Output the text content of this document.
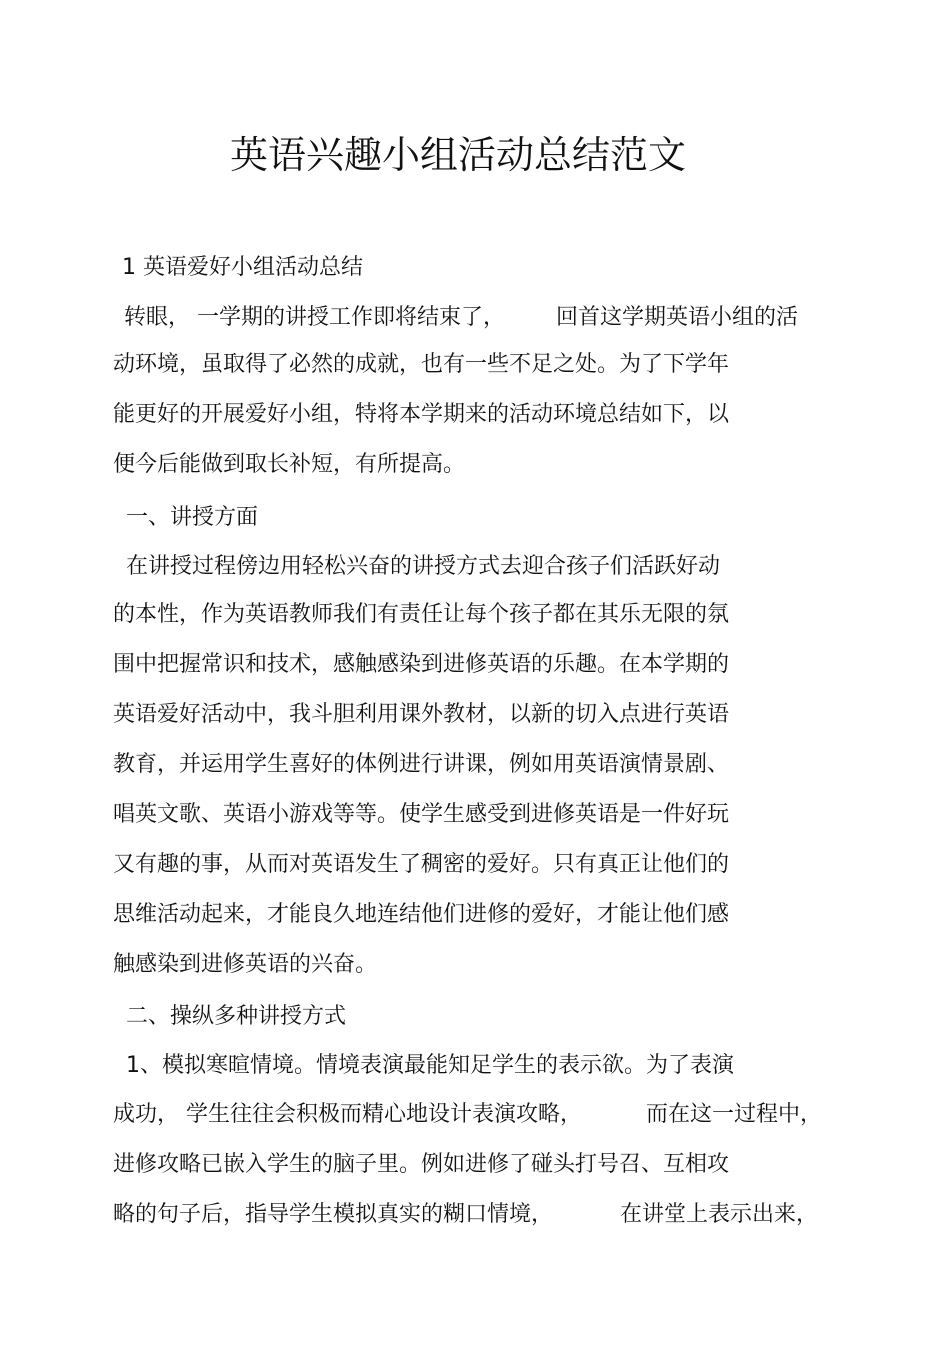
英语兴趣小组活动总结范文
1 英语爱好小组活动总结
转眼， 一学期的讲授工作即将结束了， 回首这学期英语小组的活
动环境，虽取得了必然的成就，也有一些不足之处。为了下学年
能更好的开展爱好小组，特将本学期来的活动环境总结如下，以
便今后能做到取长补短，有所提高。
一、讲授方面
在讲授过程傍边用轻松兴奋的讲授方式去迎合孩子们活跃好动
的本性，作为英语教师我们有责任让每个孩子都在其乐无限的氛
围中把握常识和技术，感触感染到进修英语的乐趣。在本学期的
英语爱好活动中，我斗胆利用课外教材，以新的切入点进行英语
教育，并运用学生喜好的体例进行讲课，例如用英语演情景剧、
唱英文歌、英语小游戏等等。使学生感受到进修英语是一件好玩
又有趣的事，从而对英语发生了稠密的爱好。只有真正让他们的
思维活动起来，才能良久地连结他们进修的爱好，才能让他们感
触感染到进修英语的兴奋。
二、操纵多种讲授方式
1、模拟寒暄情境。情境表演最能知足学生的表示欲。为了表演
成功， 学生往往会积极而精心地设计表演攻略，	而在这一过程中，
进修攻略已嵌入学生的脑子里。例如进修了碰头打号召、互相攻
略的句子后，指导学生模拟真实的糊口情境，	在讲堂上表示出来，
